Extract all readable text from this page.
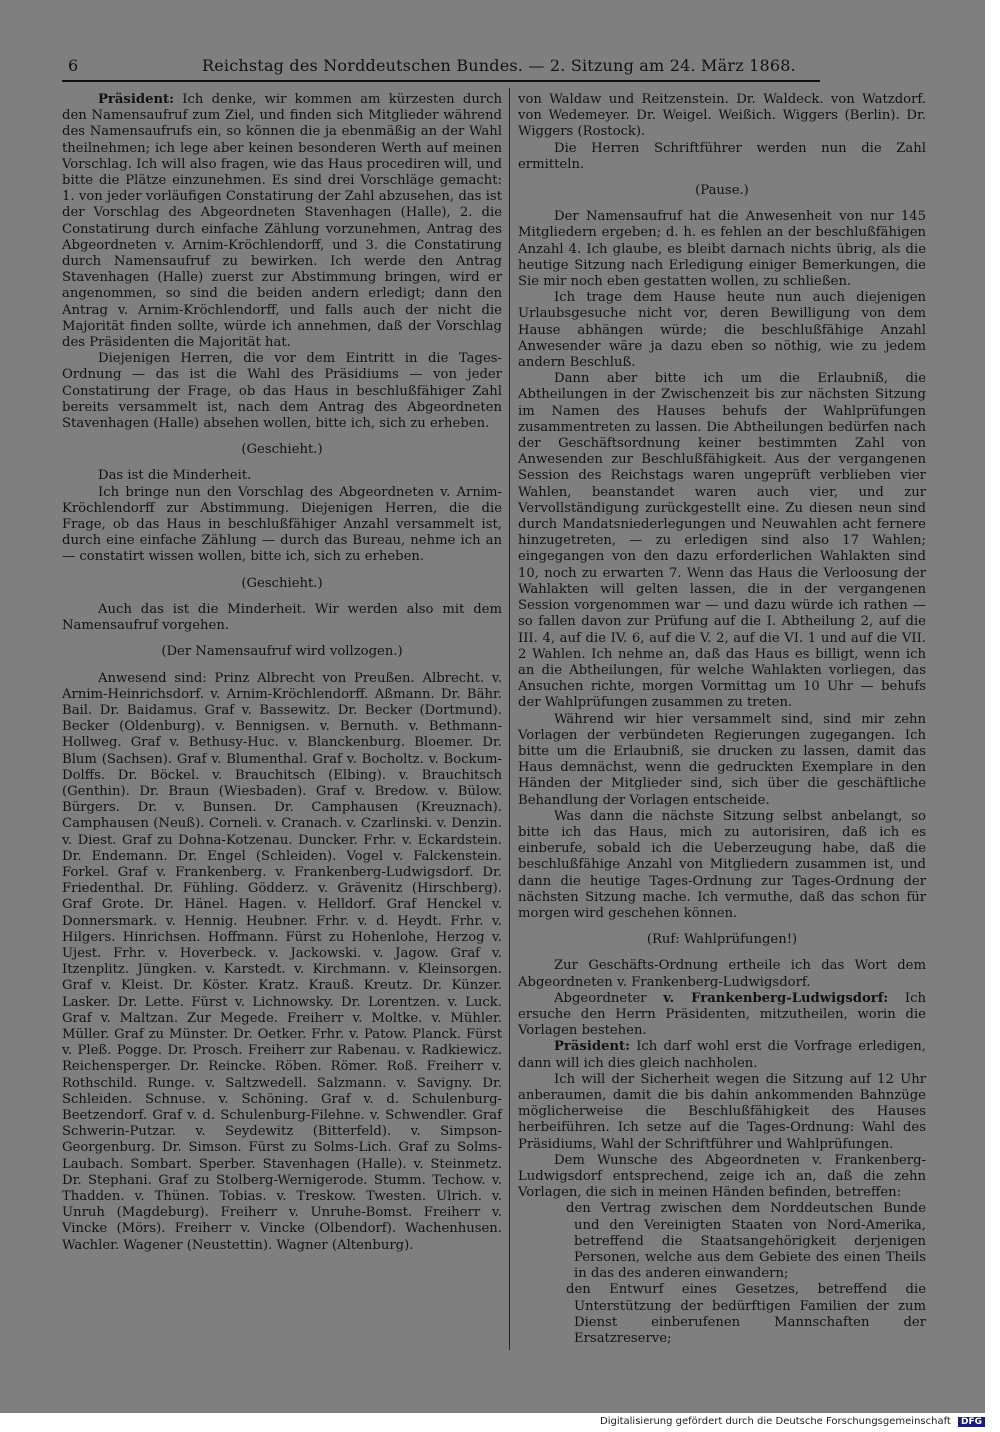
6	Reichstag des Norddeutschen Bundes. — 2. Sitzung am 24. März 1868.

Präsident: Ich denke, wir kommen am kürzesten durch den Namensaufruf zum Ziel, und finden sich Mitglieder während des Namensaufrufs ein, so können die ja ebenmäßig an der Wahl theilnehmen; ich lege aber keinen besonderen Werth auf meinen Vorschlag. Ich will also fragen, wie das Haus procediren will, und bitte die Plätze einzunehmen. Es sind drei Vorschläge gemacht: 1. von jeder vorläufigen Constatirung der Zahl abzusehen, das ist der Vorschlag des Abgeordneten Stavenhagen (Halle), 2. die Constatirung durch einfache Zählung vorzunehmen, Antrag des Abgeordneten v. Arnim-Kröchlendorff, und 3. die Constatirung durch Namensaufruf zu bewirken. Ich werde den Antrag Stavenhagen (Halle) zuerst zur Abstimmung bringen, wird er angenommen, so sind die beiden andern erledigt; dann den Antrag v. Arnim-Kröchlendorff, und falls auch der nicht die Majorität finden sollte, würde ich annehmen, daß der Vorschlag des Präsidenten die Majorität hat.

Diejenigen Herren, die vor dem Eintritt in die Tages-Ordnung — das ist die Wahl des Präsidiums — von jeder Constatirung der Frage, ob das Haus in beschlußfähiger Zahl bereits versammelt ist, nach dem Antrag des Abgeordneten Stavenhagen (Halle) absehen wollen, bitte ich, sich zu erheben.

(Geschieht.)

Das ist die Minderheit.

Ich bringe nun den Vorschlag des Abgeordneten v. Arnim-Kröchlendorff zur Abstimmung. Diejenigen Herren, die die Frage, ob das Haus in beschlußfähiger Anzahl versammelt ist, durch eine einfache Zählung — durch das Bureau, nehme ich an — constatirt wissen wollen, bitte ich, sich zu erheben.

(Geschieht.)

Auch das ist die Minderheit. Wir werden also mit dem Namensaufruf vorgehen.

(Der Namensaufruf wird vollzogen.)

Anwesend sind: Prinz Albrecht von Preußen. Albrecht. v. Arnim-Heinrichsdorf. v. Arnim-Kröchlendorff. Aßmann. Dr. Bähr. Bail. Dr. Baidamus. Graf v. Bassewitz. Dr. Becker (Dortmund). Becker (Oldenburg). v. Bennigsen. v. Bernuth. v. Bethmann-Hollweg. Graf v. Bethusy-Huc. v. Blanckenburg. Bloemer. Dr. Blum (Sachsen). Graf v. Blumenthal. Graf v. Bocholtz. v. Bockum-Dolffs. Dr. Böckel. v. Brauchitsch (Elbing). v. Brauchitsch (Genthin). Dr. Braun (Wiesbaden). Graf v. Bredow. v. Bülow. Bürgers. Dr. v. Bunsen. Dr. Camphausen (Kreuznach). Camphausen (Neuß). Corneli. v. Cranach. v. Czarlinski. v. Denzin. v. Diest. Graf zu Dohna-Kotzenau. Duncker. Frhr. v. Eckardstein. Dr. Endemann. Dr. Engel (Schleiden). Vogel v. Falckenstein. Forkel. Graf v. Frankenberg. v. Frankenberg-Ludwigsdorf. Dr. Friedenthal. Dr. Fühling. Gödderz. v. Grävenitz (Hirschberg). Graf Grote. Dr. Hänel. Hagen. v. Helldorf. Graf Henckel v. Donnersmark. v. Hennig. Heubner. Frhr. v. d. Heydt. Frhr. v. Hilgers. Hinrichsen. Hoffmann. Fürst zu Hohenlohe, Herzog v. Ujest. Frhr. v. Hoverbeck. v. Jackowski. v. Jagow. Graf v. Itzenplitz. Jüngken. v. Karstedt. v. Kirchmann. v. Kleinsorgen. Graf v. Kleist. Dr. Köster. Kratz. Krauß. Kreutz. Dr. Künzer. Lasker. Dr. Lette. Fürst v. Lichnowsky. Dr. Lorentzen. v. Luck. Graf v. Maltzan. Zur Megede. Freiherr v. Moltke. v. Mühler. Müller. Graf zu Münster. Dr. Oetker. Frhr. v. Patow. Planck. Fürst v. Pleß. Pogge. Dr. Prosch. Freiherr zur Rabenau. v. Radkiewicz. Reichensperger. Dr. Reincke. Röben. Römer. Roß. Freiherr v. Rothschild. Runge. v. Saltzwedell. Salzmann. v. Savigny. Dr. Schleiden. Schnuse. v. Schöning. Graf v. d. Schulenburg-Beetzendorf. Graf v. d. Schulenburg-Filehne. v. Schwendler. Graf Schwerin-Putzar. v. Seydewitz (Bitterfeld). v. Simpson-Georgenburg. Dr. Simson. Fürst zu Solms-Lich. Graf zu Solms-Laubach. Sombart. Sperber. Stavenhagen (Halle). v. Steinmetz. Dr. Stephani. Graf zu Stolberg-Wernigerode. Stumm. Techow. v. Thadden. v. Thünen. Tobias. v. Treskow. Twesten. Ulrich. v. Unruh (Magdeburg). Freiherr v. Unruhe-Bomst. Freiherr v. Vincke (Mörs). Freiherr v. Vincke (Olbendorf). Wachenhusen. Wachler. Wagener (Neustettin). Wagner (Altenburg).

von Waldaw und Reitzenstein. Dr. Waldeck. von Watzdorf. von Wedemeyer. Dr. Weigel. Weißich. Wiggers (Berlin). Dr. Wiggers (Rostock).

Die Herren Schriftführer werden nun die Zahl ermitteln.

(Pause.)

Der Namensaufruf hat die Anwesenheit von nur 145 Mitgliedern ergeben; d. h. es fehlen an der beschlußfähigen Anzahl 4. Ich glaube, es bleibt darnach nichts übrig, als die heutige Sitzung nach Erledigung einiger Bemerkungen, die Sie mir noch eben gestatten wollen, zu schließen.

Ich trage dem Hause heute nun auch diejenigen Urlaubsgesuche nicht vor, deren Bewilligung von dem Hause abhängen würde; die beschlußfähige Anzahl Anwesender wäre ja dazu eben so nöthig, wie zu jedem andern Beschluß.

Dann aber bitte ich um die Erlaubniß, die Abtheilungen in der Zwischenzeit bis zur nächsten Sitzung im Namen des Hauses behufs der Wahlprüfungen zusammentreten zu lassen. Die Abtheilungen bedürfen nach der Geschäftsordnung keiner bestimmten Zahl von Anwesenden zur Beschlußfähigkeit. Aus der vergangenen Session des Reichstags waren ungeprüft verblieben vier Wahlen, beanstandet waren auch vier, und zur Vervollständigung zurückgestellt eine. Zu diesen neun sind durch Mandatsniederlegungen und Neuwahlen acht fernere hinzugetreten, — zu erledigen sind also 17 Wahlen; eingegangen von den dazu erforderlichen Wahlakten sind 10, noch zu erwarten 7. Wenn das Haus die Verloosung der Wahlakten will gelten lassen, die in der vergangenen Session vorgenommen war — und dazu würde ich rathen — so fallen davon zur Prüfung auf die I. Abtheilung 2, auf die III. 4, auf die IV. 6, auf die V. 2, auf die VI. 1 und auf die VII. 2 Wahlen. Ich nehme an, daß das Haus es billigt, wenn ich an die Abtheilungen, für welche Wahlakten vorliegen, das Ansuchen richte, morgen Vormittag um 10 Uhr — behufs der Wahlprüfungen zusammen zu treten.

Während wir hier versammelt sind, sind mir zehn Vorlagen der verbündeten Regierungen zugegangen. Ich bitte um die Erlaubniß, sie drucken zu lassen, damit das Haus demnächst, wenn die gedruckten Exemplare in den Händen der Mitglieder sind, sich über die geschäftliche Behandlung der Vorlagen entscheide.

Was dann die nächste Sitzung selbst anbelangt, so bitte ich das Haus, mich zu autorisiren, daß ich es einberufe, sobald ich die Ueberzeugung habe, daß die beschlußfähige Anzahl von Mitgliedern zusammen ist, und dann die heutige Tages-Ordnung zur Tages-Ordnung der nächsten Sitzung mache. Ich vermuthe, daß das schon für morgen wird geschehen können.

(Ruf: Wahlprüfungen!)

Zur Geschäfts-Ordnung ertheile ich das Wort dem Abgeordneten v. Frankenberg-Ludwigsdorf.

Abgeordneter v. Frankenberg-Ludwigsdorf: Ich ersuche den Herrn Präsidenten, mitzutheilen, worin die Vorlagen bestehen.

Präsident: Ich darf wohl erst die Vorfrage erledigen, dann will ich dies gleich nachholen.

Ich will der Sicherheit wegen die Sitzung auf 12 Uhr anberaumen, damit die bis dahin ankommenden Bahnzüge möglicherweise die Beschlußfähigkeit des Hauses herbeiführen. Ich setze auf die Tages-Ordnung: Wahl des Präsidiums, Wahl der Schriftführer und Wahlprüfungen.

Dem Wunsche des Abgeordneten v. Frankenberg-Ludwigsdorf entsprechend, zeige ich an, daß die zehn Vorlagen, die sich in meinen Händen befinden, betreffen:

den Vertrag zwischen dem Norddeutschen Bunde und den Vereinigten Staaten von Nord-Amerika, betreffend die Staatsangehörigkeit derjenigen Personen, welche aus dem Gebiete des einen Theils in das des anderen einwandern;

den Entwurf eines Gesetzes, betreffend die Unterstützung der bedürftigen Familien der zum Dienst einberufenen Mannschaften der Ersatzreserve;

Digitalisierung gefördert durch die Deutsche Forschungsgemeinschaft DFG
